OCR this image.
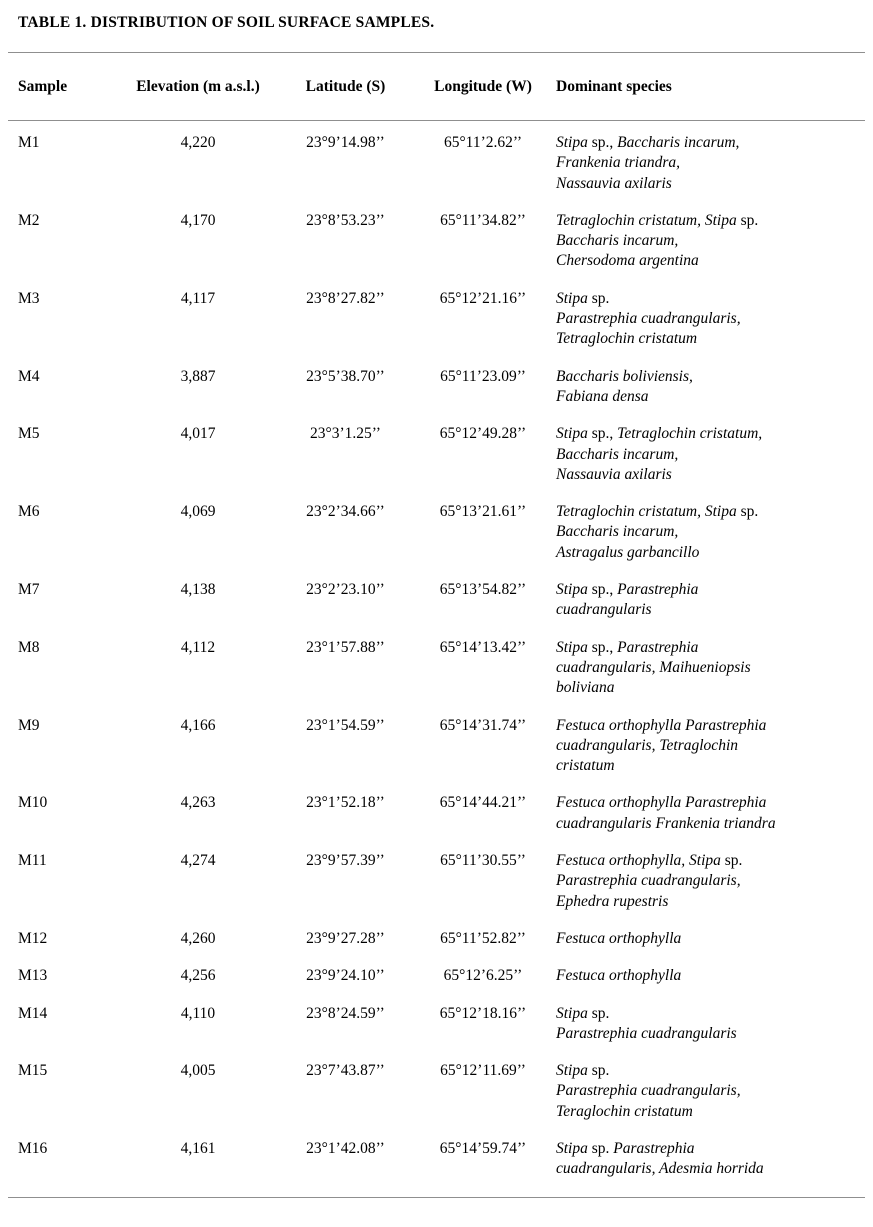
TABLE 1. DISTRIBUTION OF SOIL SURFACE SAMPLES.
Sample	Elevation (m a.s.l.)	Latitude (S)	Longitude (W)	Dominant species
M1	4,220	23°9’14.98’’	65°11’2.62’’	Stipa sp., Baccharis incarum,
Frankenia triandra,
Nassauvia axilaris

M2	4,170	23°8’53.23’’	65°11’34.82’’	Tetraglochin cristatum, Stipa sp.
Baccharis incarum,
Chersodoma argentina

M3	4,117	23°8’27.82’’	65°12’21.16’’	Stipa sp.
Parastrephia cuadrangularis,
Tetraglochin cristatum

M4	3,887	23°5’38.70’’	65°11’23.09’’	Baccharis boliviensis,
Fabiana densa

M5	4,017	23°3’1.25’’	65°12’49.28’’	Stipa sp., Tetraglochin cristatum,
Baccharis incarum,
Nassauvia axilaris

M6	4,069	23°2’34.66’’	65°13’21.61’’	Tetraglochin cristatum, Stipa sp.
Baccharis incarum,
Astragalus garbancillo

M7	4,138	23°2’23.10’’	65°13’54.82’’	Stipa sp., Parastrephia
cuadrangularis

M8	4,112	23°1’57.88’’	65°14’13.42’’	Stipa sp., Parastrephia
cuadrangularis, Maihueniopsis
boliviana

M9	4,166	23°1’54.59’’	65°14’31.74’’	Festuca orthophylla Parastrephia
cuadrangularis, Tetraglochin
cristatum

M10	4,263	23°1’52.18’’	65°14’44.21’’	Festuca orthophylla Parastrephia
cuadrangularis Frankenia triandra

M11	4,274	23°9’57.39’’	65°11’30.55’’	Festuca orthophylla, Stipa sp.
Parastrephia cuadrangularis,
Ephedra rupestris

M12	4,260	23°9’27.28’’	65°11’52.82’’	Festuca orthophylla

M13	4,256	23°9’24.10’’	65°12’6.25’’	Festuca orthophylla

M14	4,110	23°8’24.59’’	65°12’18.16’’	Stipa sp.
Parastrephia cuadrangularis

M15	4,005	23°7’43.87’’	65°12’11.69’’	Stipa sp.
Parastrephia cuadrangularis,
Teraglochin cristatum

M16	4,161	23°1’42.08’’	65°14’59.74’’	Stipa sp. Parastrephia
cuadrangularis, Adesmia horrida
